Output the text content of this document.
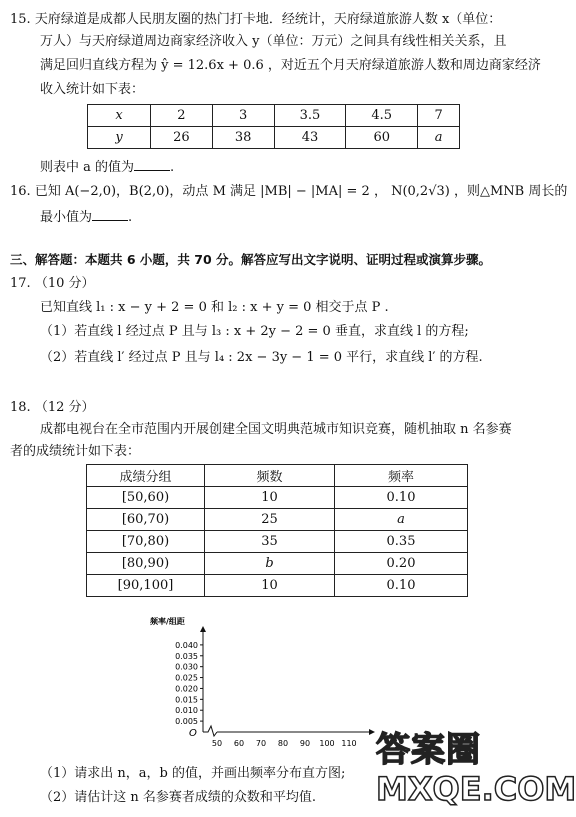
15. 天府绿道是成都人民朋友圈的热门打卡地．经统计，天府绿道旅游人数 x（单位：
万人）与天府绿道周边商家经济收入 y（单位：万元）之间具有线性相关关系，且
满足回归直线方程为 ŷ = 12.6x + 0.6 ，对近五个月天府绿道旅游人数和周边商家经济
收入统计如下表：
x	2	3	3.5	4.5	7
y	26	38	43	60	a
则表中 a 的值为	.
16. 已知 A(−2,0)，B(2,0)，动点 M 满足 |MB| − |MA| = 2 ， N(0,2√3) ，则△MNB 周长的
最小值为	.
三、解答题：本题共 6 小题，共 70 分。解答应写出文字说明、证明过程或演算步骤。
17. （10 分）
已知直线 l₁ : x − y + 2 = 0 和 l₂ : x + y = 0 相交于点 P .
（1）若直线 l 经过点 P 且与 l₃ : x + 2y − 2 = 0 垂直，求直线 l 的方程;
（2）若直线 l′ 经过点 P 且与 l₄ : 2x − 3y − 1 = 0 平行，求直线 l′ 的方程.
18. （12 分）
成都电视台在全市范围内开展创建全国文明典范城市知识竞赛，随机抽取 n 名参赛
者的成绩统计如下表：
成绩分组	频数	频率
[50,60)	10	0.10
[60,70)	25	a
[70,80)	35	0.35
[80,90)	b	0.20
[90,100]	10	0.10
频率/组距
O
0.040
0.035
0.030
0.025
0.020
0.015
0.010
0.005
50 60 70 80 90 100 110
（1）请求出 n，a，b 的值，并画出频率分布直方图;
（2）请估计这 n 名参赛者成绩的众数和平均值.
答案圈
MXQE.COM
